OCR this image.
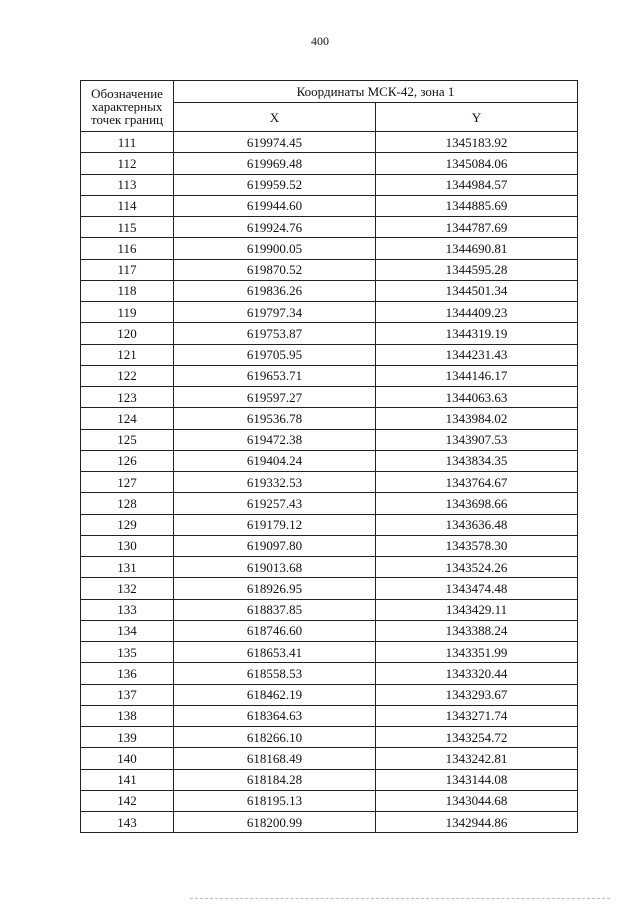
400
Обозначение характерных точек границ	Координаты МСК-42, зона 1	
	X	Y
111	619974.45	1345183.92
112	619969.48	1345084.06
113	619959.52	1344984.57
114	619944.60	1344885.69
115	619924.76	1344787.69
116	619900.05	1344690.81
117	619870.52	1344595.28
118	619836.26	1344501.34
119	619797.34	1344409.23
120	619753.87	1344319.19
121	619705.95	1344231.43
122	619653.71	1344146.17
123	619597.27	1344063.63
124	619536.78	1343984.02
125	619472.38	1343907.53
126	619404.24	1343834.35
127	619332.53	1343764.67
128	619257.43	1343698.66
129	619179.12	1343636.48
130	619097.80	1343578.30
131	619013.68	1343524.26
132	618926.95	1343474.48
133	618837.85	1343429.11
134	618746.60	1343388.24
135	618653.41	1343351.99
136	618558.53	1343320.44
137	618462.19	1343293.67
138	618364.63	1343271.74
139	618266.10	1343254.72
140	618168.49	1343242.81
141	618184.28	1343144.08
142	618195.13	1343044.68
143	618200.99	1342944.86
